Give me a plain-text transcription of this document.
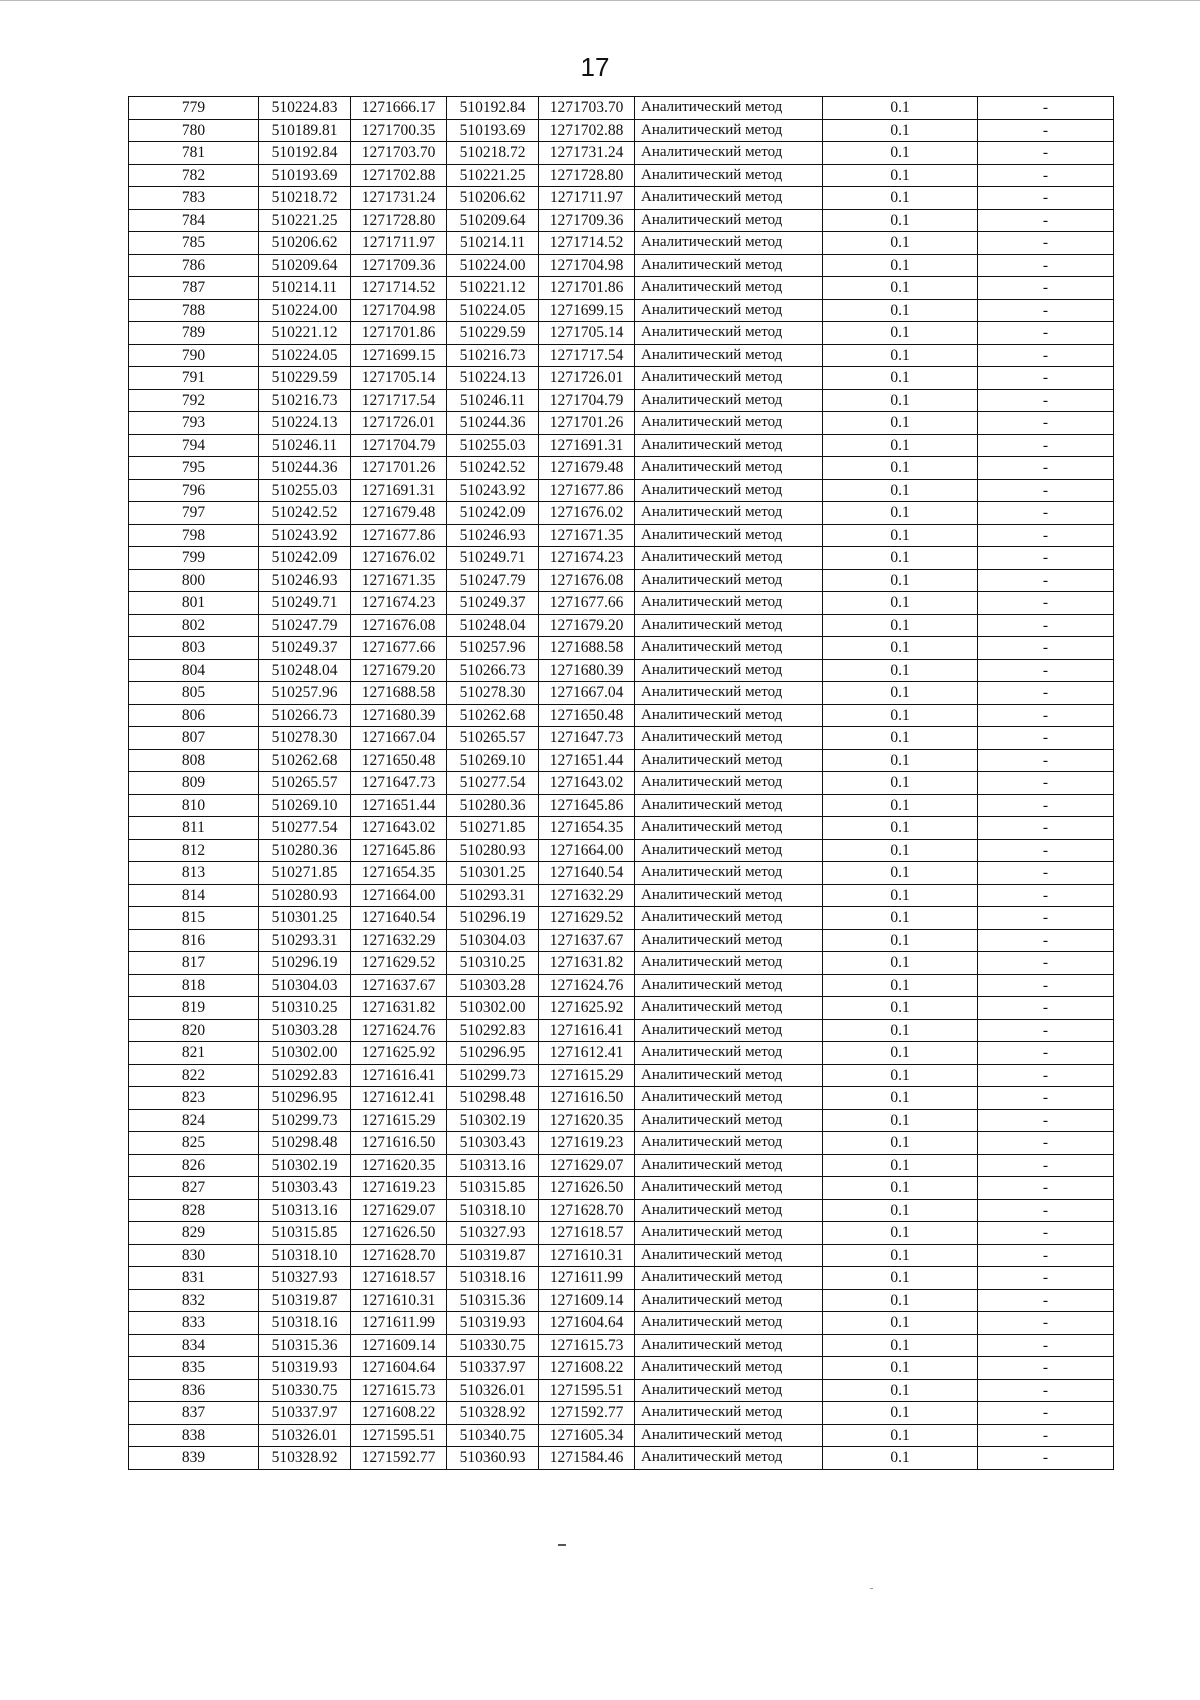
17
779	510224.83	1271666.17	510192.84	1271703.70	Аналитический метод	0.1	-
780	510189.81	1271700.35	510193.69	1271702.88	Аналитический метод	0.1	-
781	510192.84	1271703.70	510218.72	1271731.24	Аналитический метод	0.1	-
782	510193.69	1271702.88	510221.25	1271728.80	Аналитический метод	0.1	-
783	510218.72	1271731.24	510206.62	1271711.97	Аналитический метод	0.1	-
784	510221.25	1271728.80	510209.64	1271709.36	Аналитический метод	0.1	-
785	510206.62	1271711.97	510214.11	1271714.52	Аналитический метод	0.1	-
786	510209.64	1271709.36	510224.00	1271704.98	Аналитический метод	0.1	-
787	510214.11	1271714.52	510221.12	1271701.86	Аналитический метод	0.1	-
788	510224.00	1271704.98	510224.05	1271699.15	Аналитический метод	0.1	-
789	510221.12	1271701.86	510229.59	1271705.14	Аналитический метод	0.1	-
790	510224.05	1271699.15	510216.73	1271717.54	Аналитический метод	0.1	-
791	510229.59	1271705.14	510224.13	1271726.01	Аналитический метод	0.1	-
792	510216.73	1271717.54	510246.11	1271704.79	Аналитический метод	0.1	-
793	510224.13	1271726.01	510244.36	1271701.26	Аналитический метод	0.1	-
794	510246.11	1271704.79	510255.03	1271691.31	Аналитический метод	0.1	-
795	510244.36	1271701.26	510242.52	1271679.48	Аналитический метод	0.1	-
796	510255.03	1271691.31	510243.92	1271677.86	Аналитический метод	0.1	-
797	510242.52	1271679.48	510242.09	1271676.02	Аналитический метод	0.1	-
798	510243.92	1271677.86	510246.93	1271671.35	Аналитический метод	0.1	-
799	510242.09	1271676.02	510249.71	1271674.23	Аналитический метод	0.1	-
800	510246.93	1271671.35	510247.79	1271676.08	Аналитический метод	0.1	-
801	510249.71	1271674.23	510249.37	1271677.66	Аналитический метод	0.1	-
802	510247.79	1271676.08	510248.04	1271679.20	Аналитический метод	0.1	-
803	510249.37	1271677.66	510257.96	1271688.58	Аналитический метод	0.1	-
804	510248.04	1271679.20	510266.73	1271680.39	Аналитический метод	0.1	-
805	510257.96	1271688.58	510278.30	1271667.04	Аналитический метод	0.1	-
806	510266.73	1271680.39	510262.68	1271650.48	Аналитический метод	0.1	-
807	510278.30	1271667.04	510265.57	1271647.73	Аналитический метод	0.1	-
808	510262.68	1271650.48	510269.10	1271651.44	Аналитический метод	0.1	-
809	510265.57	1271647.73	510277.54	1271643.02	Аналитический метод	0.1	-
810	510269.10	1271651.44	510280.36	1271645.86	Аналитический метод	0.1	-
811	510277.54	1271643.02	510271.85	1271654.35	Аналитический метод	0.1	-
812	510280.36	1271645.86	510280.93	1271664.00	Аналитический метод	0.1	-
813	510271.85	1271654.35	510301.25	1271640.54	Аналитический метод	0.1	-
814	510280.93	1271664.00	510293.31	1271632.29	Аналитический метод	0.1	-
815	510301.25	1271640.54	510296.19	1271629.52	Аналитический метод	0.1	-
816	510293.31	1271632.29	510304.03	1271637.67	Аналитический метод	0.1	-
817	510296.19	1271629.52	510310.25	1271631.82	Аналитический метод	0.1	-
818	510304.03	1271637.67	510303.28	1271624.76	Аналитический метод	0.1	-
819	510310.25	1271631.82	510302.00	1271625.92	Аналитический метод	0.1	-
820	510303.28	1271624.76	510292.83	1271616.41	Аналитический метод	0.1	-
821	510302.00	1271625.92	510296.95	1271612.41	Аналитический метод	0.1	-
822	510292.83	1271616.41	510299.73	1271615.29	Аналитический метод	0.1	-
823	510296.95	1271612.41	510298.48	1271616.50	Аналитический метод	0.1	-
824	510299.73	1271615.29	510302.19	1271620.35	Аналитический метод	0.1	-
825	510298.48	1271616.50	510303.43	1271619.23	Аналитический метод	0.1	-
826	510302.19	1271620.35	510313.16	1271629.07	Аналитический метод	0.1	-
827	510303.43	1271619.23	510315.85	1271626.50	Аналитический метод	0.1	-
828	510313.16	1271629.07	510318.10	1271628.70	Аналитический метод	0.1	-
829	510315.85	1271626.50	510327.93	1271618.57	Аналитический метод	0.1	-
830	510318.10	1271628.70	510319.87	1271610.31	Аналитический метод	0.1	-
831	510327.93	1271618.57	510318.16	1271611.99	Аналитический метод	0.1	-
832	510319.87	1271610.31	510315.36	1271609.14	Аналитический метод	0.1	-
833	510318.16	1271611.99	510319.93	1271604.64	Аналитический метод	0.1	-
834	510315.36	1271609.14	510330.75	1271615.73	Аналитический метод	0.1	-
835	510319.93	1271604.64	510337.97	1271608.22	Аналитический метод	0.1	-
836	510330.75	1271615.73	510326.01	1271595.51	Аналитический метод	0.1	-
837	510337.97	1271608.22	510328.92	1271592.77	Аналитический метод	0.1	-
838	510326.01	1271595.51	510340.75	1271605.34	Аналитический метод	0.1	-
839	510328.92	1271592.77	510360.93	1271584.46	Аналитический метод	0.1	-
